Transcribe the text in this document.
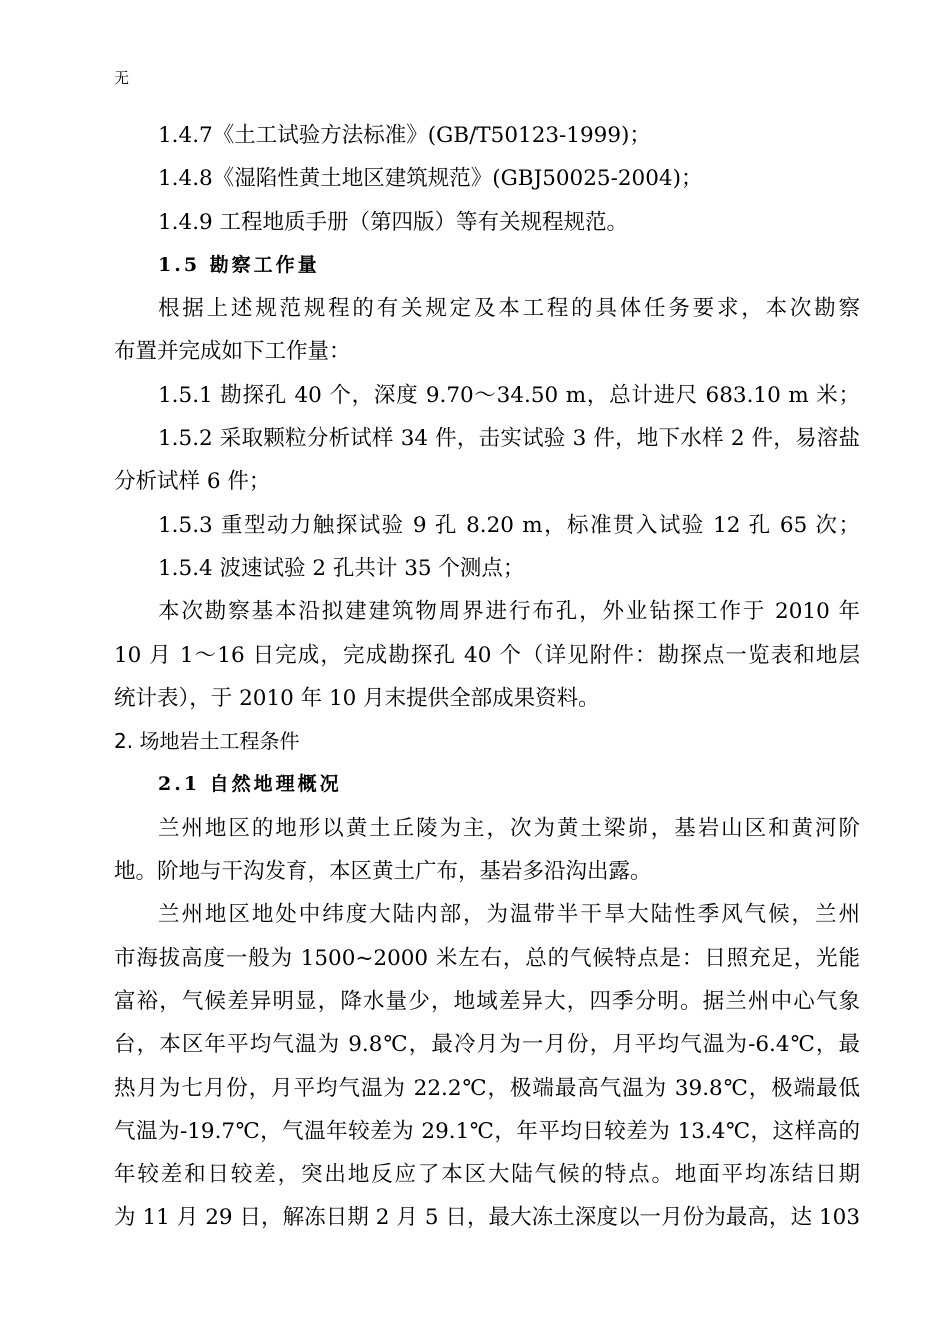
无
1.4.7《土工试验方法标准》(GB/T50123-1999)；
1.4.8《湿陷性黄土地区建筑规范》(GBJ50025-2004)；
1.4.9 工程地质手册（第四版）等有关规程规范。
1.5 勘察工作量
根据上述规范规程的有关规定及本工程的具体任务要求，本次勘察
布置并完成如下工作量：
1.5.1 勘探孔 40 个，深度 9.70～34.50 m，总计进尺 683.10 m 米；
1.5.2 采取颗粒分析试样 34 件，击实试验 3 件，地下水样 2 件，易溶盐
分析试样 6 件；
1.5.3 重型动力触探试验 9 孔 8.20 m，标准贯入试验 12 孔 65 次；
1.5.4 波速试验 2 孔共计 35 个测点；
本次勘察基本沿拟建建筑物周界进行布孔，外业钻探工作于 2010 年
10 月 1～16 日完成，完成勘探孔 40 个（详见附件：勘探点一览表和地层
统计表），于 2010 年 10 月末提供全部成果资料。
2. 场地岩土工程条件
2.1 自然地理概况
兰州地区的地形以黄土丘陵为主，次为黄土梁峁，基岩山区和黄河阶
地。阶地与干沟发育，本区黄土广布，基岩多沿沟出露。
兰州地区地处中纬度大陆内部，为温带半干旱大陆性季风气候，兰州
市海拔高度一般为 1500~2000 米左右，总的气候特点是：日照充足，光能
富裕，气候差异明显，降水量少，地域差异大，四季分明。据兰州中心气象
台，本区年平均气温为 9.8℃，最冷月为一月份，月平均气温为-6.4℃，最
热月为七月份，月平均气温为 22.2℃，极端最高气温为 39.8℃，极端最低
气温为-19.7℃，气温年较差为 29.1℃，年平均日较差为 13.4℃，这样高的
年较差和日较差，突出地反应了本区大陆气候的特点。地面平均冻结日期
为 11 月 29 日，解冻日期 2 月 5 日，最大冻土深度以一月份为最高，达 103
